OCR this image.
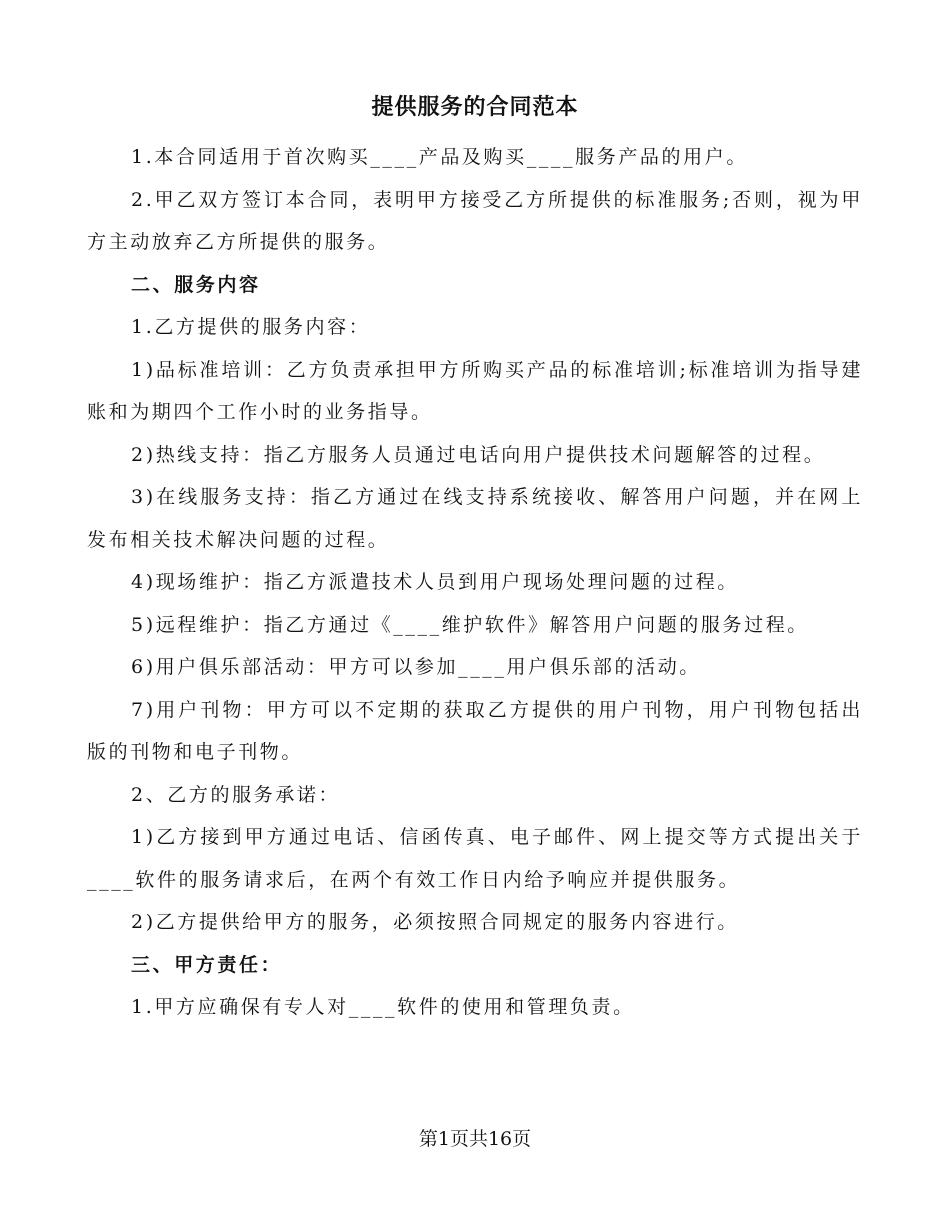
提供服务的合同范本

1.本合同适用于首次购买____产品及购买____服务产品的用户。

2.甲乙双方签订本合同，表明甲方接受乙方所提供的标准服务;否则，视为甲方主动放弃乙方所提供的服务。

二、服务内容

1.乙方提供的服务内容：

1)品标准培训：乙方负责承担甲方所购买产品的标准培训;标准培训为指导建账和为期四个工作小时的业务指导。

2)热线支持：指乙方服务人员通过电话向用户提供技术问题解答的过程。

3)在线服务支持：指乙方通过在线支持系统接收、解答用户问题，并在网上发布相关技术解决问题的过程。

4)现场维护：指乙方派遣技术人员到用户现场处理问题的过程。

5)远程维护：指乙方通过《____维护软件》解答用户问题的服务过程。

6)用户俱乐部活动：甲方可以参加____用户俱乐部的活动。

7)用户刊物：甲方可以不定期的获取乙方提供的用户刊物，用户刊物包括出版的刊物和电子刊物。

2、乙方的服务承诺：

1)乙方接到甲方通过电话、信函传真、电子邮件、网上提交等方式提出关于____软件的服务请求后，在两个有效工作日内给予响应并提供服务。

2)乙方提供给甲方的服务，必须按照合同规定的服务内容进行。

三、甲方责任：

1.甲方应确保有专人对____软件的使用和管理负责。

第1页共16页
